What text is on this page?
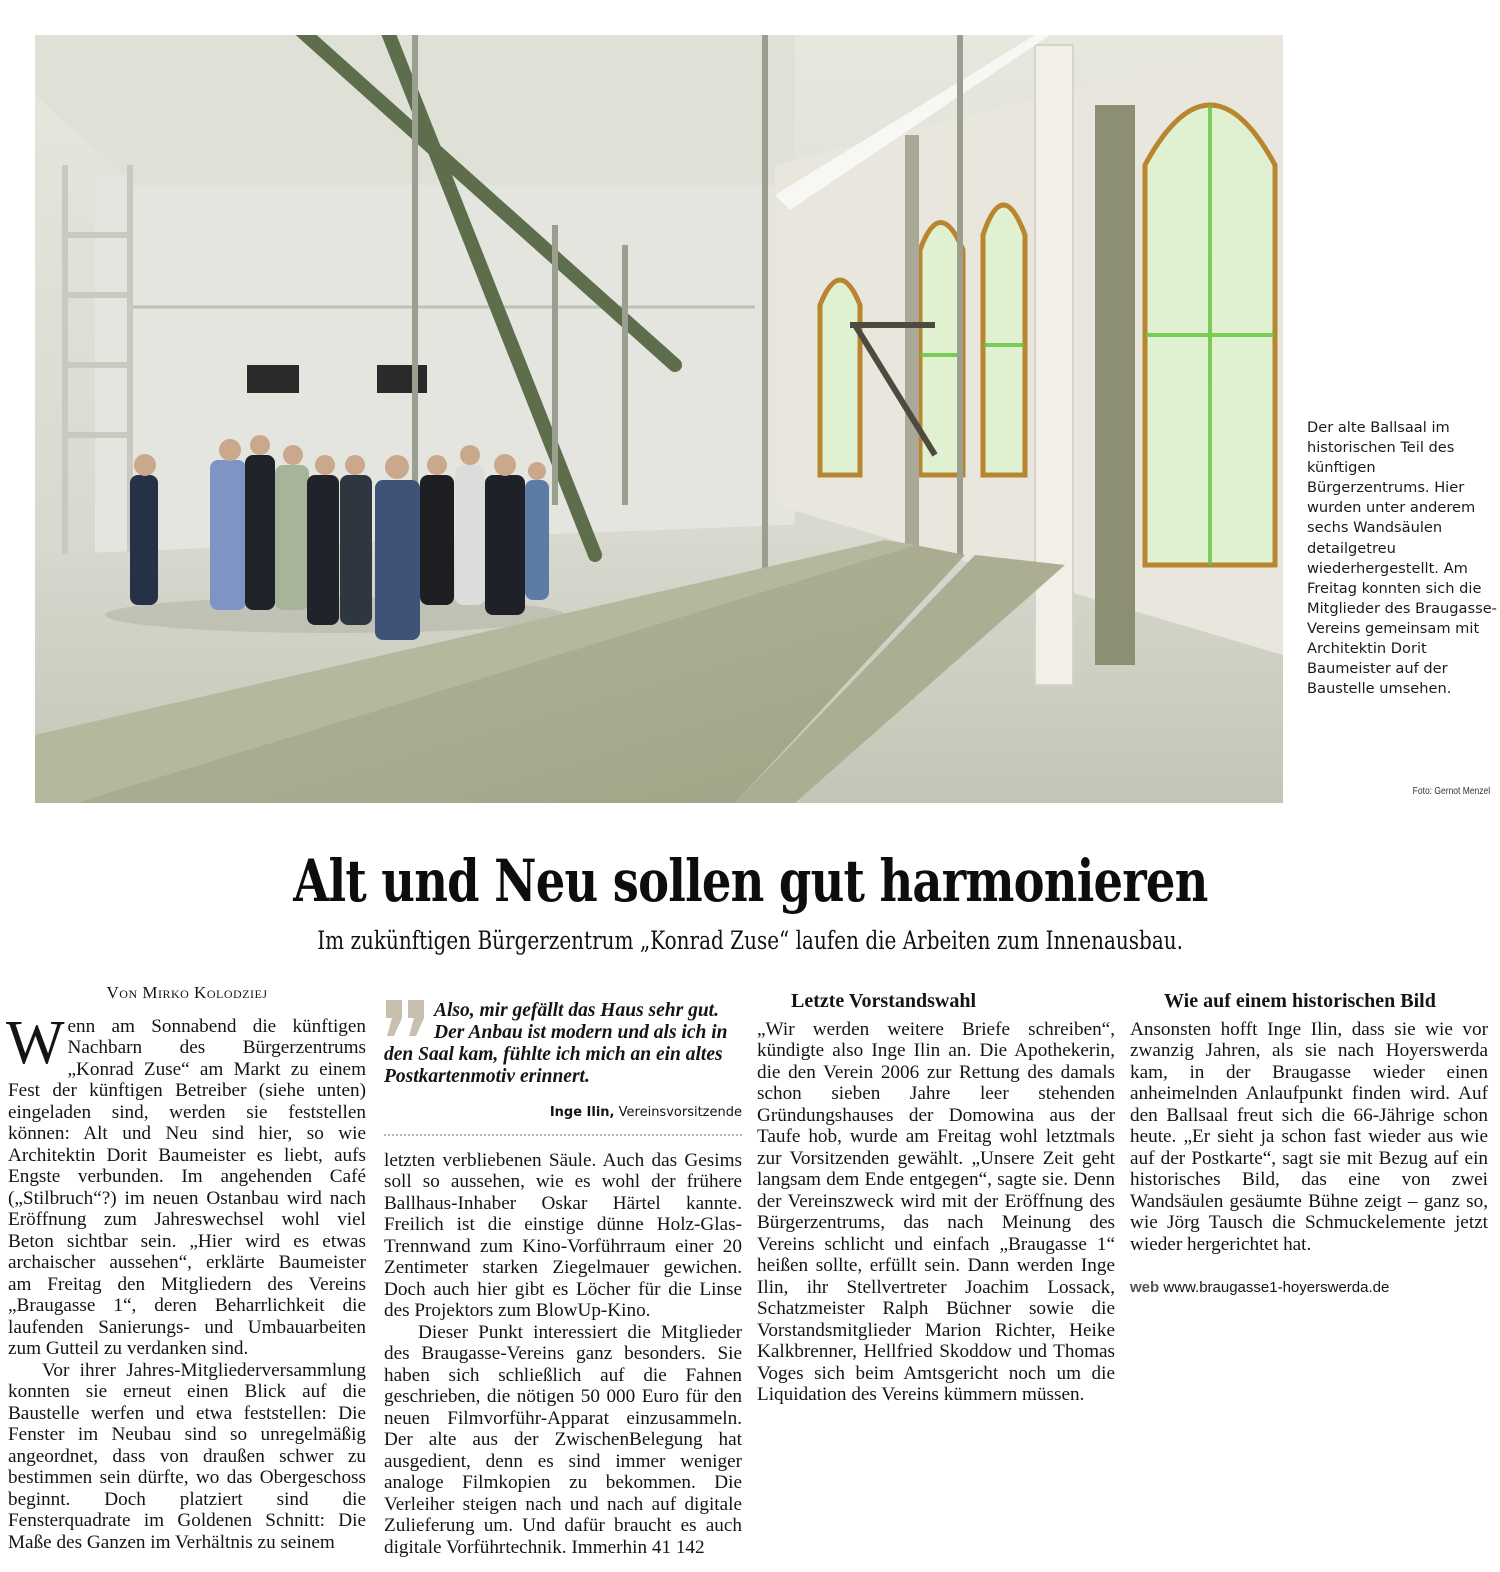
Der alte Ballsaal im historischen Teil des künftigen Bürgerzentrums. Hier wurden unter anderem sechs Wandsäulen detailgetreu wiederhergestellt. Am Freitag konnten sich die Mitglieder des Braugasse-Vereins gemeinsam mit Architektin Dorit Baumeister auf der Baustelle umsehen.
Foto: Gernot Menzel
Alt und Neu sollen gut harmonieren
Im zukünftigen Bürgerzentrum „Konrad Zuse“ laufen die Arbeiten zum Innenausbau.

Von Mirko Kolodziej

Wenn am Sonnabend die künftigen Nachbarn des Bürgerzentrums „Konrad Zuse“ am Markt zu einem Fest der künftigen Betreiber (siehe unten) eingeladen sind, werden sie feststellen können: Alt und Neu sind hier, so wie Architektin Dorit Baumeister es liebt, aufs Engste verbunden. Im angehenden Café („Stilbruch“?) im neuen Ostanbau wird nach Eröffnung zum Jahreswechsel wohl viel Beton sichtbar sein. „Hier wird es etwas archaischer aussehen“, erklärte Baumeister am Freitag den Mitgliedern des Vereins „Braugasse 1“, deren Beharrlichkeit die laufenden Sanierungs- und Umbauarbeiten zum Gutteil zu verdanken sind.

Vor ihrer Jahres-Mitgliederversammlung konnten sie erneut einen Blick auf die Baustelle werfen und etwa feststellen: Die Fenster im Neubau sind so unregelmäßig angeordnet, dass von draußen schwer zu bestimmen sein dürfte, wo das Obergeschoss beginnt. Doch platziert sind die Fensterquadrate im Goldenen Schnitt: Die Maße des Ganzen im Verhältnis zu seinem

Also, mir gefällt das Haus sehr gut. Der Anbau ist modern und als ich in den Saal kam, fühlte ich mich an ein altes Postkartenmotiv erinnert.

Inge Ilin, Vereinsvorsitzende

letzten verbliebenen Säule. Auch das Gesims soll so aussehen, wie es wohl der frühere Ballhaus-Inhaber Oskar Härtel kannte. Freilich ist die einstige dünne Holz-Glas-Trennwand zum Kino-Vorführraum einer 20 Zentimeter starken Ziegelmauer gewichen. Doch auch hier gibt es Löcher für die Linse des Projektors zum BlowUp-Kino.

Dieser Punkt interessiert die Mitglieder des Braugasse-Vereins ganz besonders. Sie haben sich schließlich auf die Fahnen geschrieben, die nötigen 50 000 Euro für den neuen Filmvorführ-Apparat einzusammeln. Der alte aus der ZwischenBelegung hat ausgedient, denn es sind immer weniger analoge Filmkopien zu bekommen. Die Verleiher steigen nach und nach auf digitale Zulieferung um. Und dafür braucht es auch digitale Vorführtechnik. Immerhin 41 142

Letzte Vorstandswahl

„Wir werden weitere Briefe schreiben“, kündigte also Inge Ilin an. Die Apothekerin, die den Verein 2006 zur Rettung des damals schon sieben Jahre leer stehenden Gründungshauses der Domowina aus der Taufe hob, wurde am Freitag wohl letztmals zur Vorsitzenden gewählt. „Unsere Zeit geht langsam dem Ende entgegen“, sagte sie. Denn der Vereinszweck wird mit der Eröffnung des Bürgerzentrums, das nach Meinung des Vereins schlicht und einfach „Braugasse 1“ heißen sollte, erfüllt sein. Dann werden Inge Ilin, ihr Stellvertreter Joachim Lossack, Schatzmeister Ralph Büchner sowie die Vorstandsmitglieder Marion Richter, Heike Kalkbrenner, Hellfried Skoddow und Thomas Voges sich beim Amtsgericht noch um die Liquidation des Vereins kümmern müssen.

Wie auf einem historischen Bild

Ansonsten hofft Inge Ilin, dass sie wie vor zwanzig Jahren, als sie nach Hoyerswerda kam, in der Braugasse wieder einen anheimelnden Anlaufpunkt finden wird. Auf den Ballsaal freut sich die 66-Jährige schon heute. „Er sieht ja schon fast wieder aus wie auf der Postkarte“, sagt sie mit Bezug auf ein historisches Bild, das eine von zwei Wandsäulen gesäumte Bühne zeigt – ganz so, wie Jörg Tausch die Schmuckelemente jetzt wieder hergerichtet hat.

web www.braugasse1-hoyerswerda.de
